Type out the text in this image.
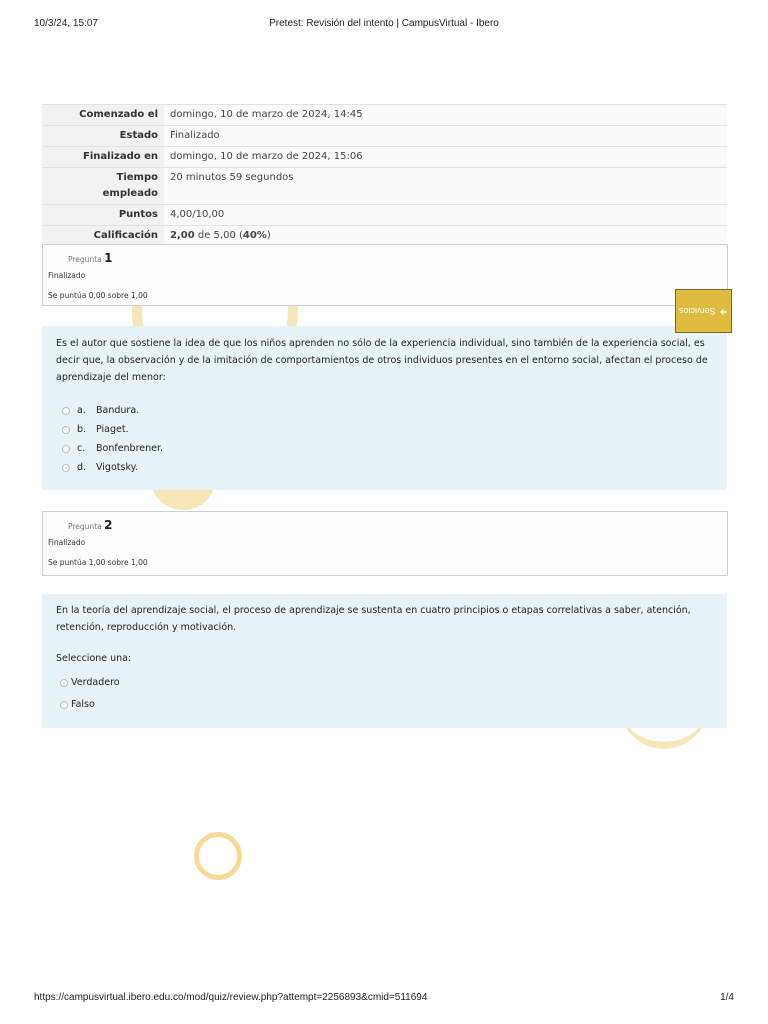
10/3/24, 15:07	Pretest: Revisión del intento | CampusVirtual - Ibero
Comenzado el	domingo, 10 de marzo de 2024, 14:45
Estado	Finalizado
Finalizado en	domingo, 10 de marzo de 2024, 15:06
Tiempo empleado	20 minutos 59 segundos
Puntos	4,00/10,00
Calificación	2,00 de 5,00 (40%)
Pregunta 1
Finalizado
Se puntúa 0,00 sobre 1,00
Es el autor que sostiene la idea de que los niños aprenden no sólo de la experiencia individual, sino también de la experiencia social, es decir que, la observación y de la imitación de comportamientos de otros individuos presentes en el entorno social, afectan el proceso de aprendizaje del menor:
a.	Bandura.
b.	Piaget.
c.	Bonfenbrener.
d.	Vigotsky.
Pregunta 2
Finalizado
Se puntúa 1,00 sobre 1,00
En la teoría del aprendizaje social, el proceso de aprendizaje se sustenta en cuatro principios o etapas correlativas a saber, atención, retención, reproducción y motivación.
Seleccione una:
Verdadero
Falso
Servicios
https://campusvirtual.ibero.edu.co/mod/quiz/review.php?attempt=2256893&cmid=511694	1/4
